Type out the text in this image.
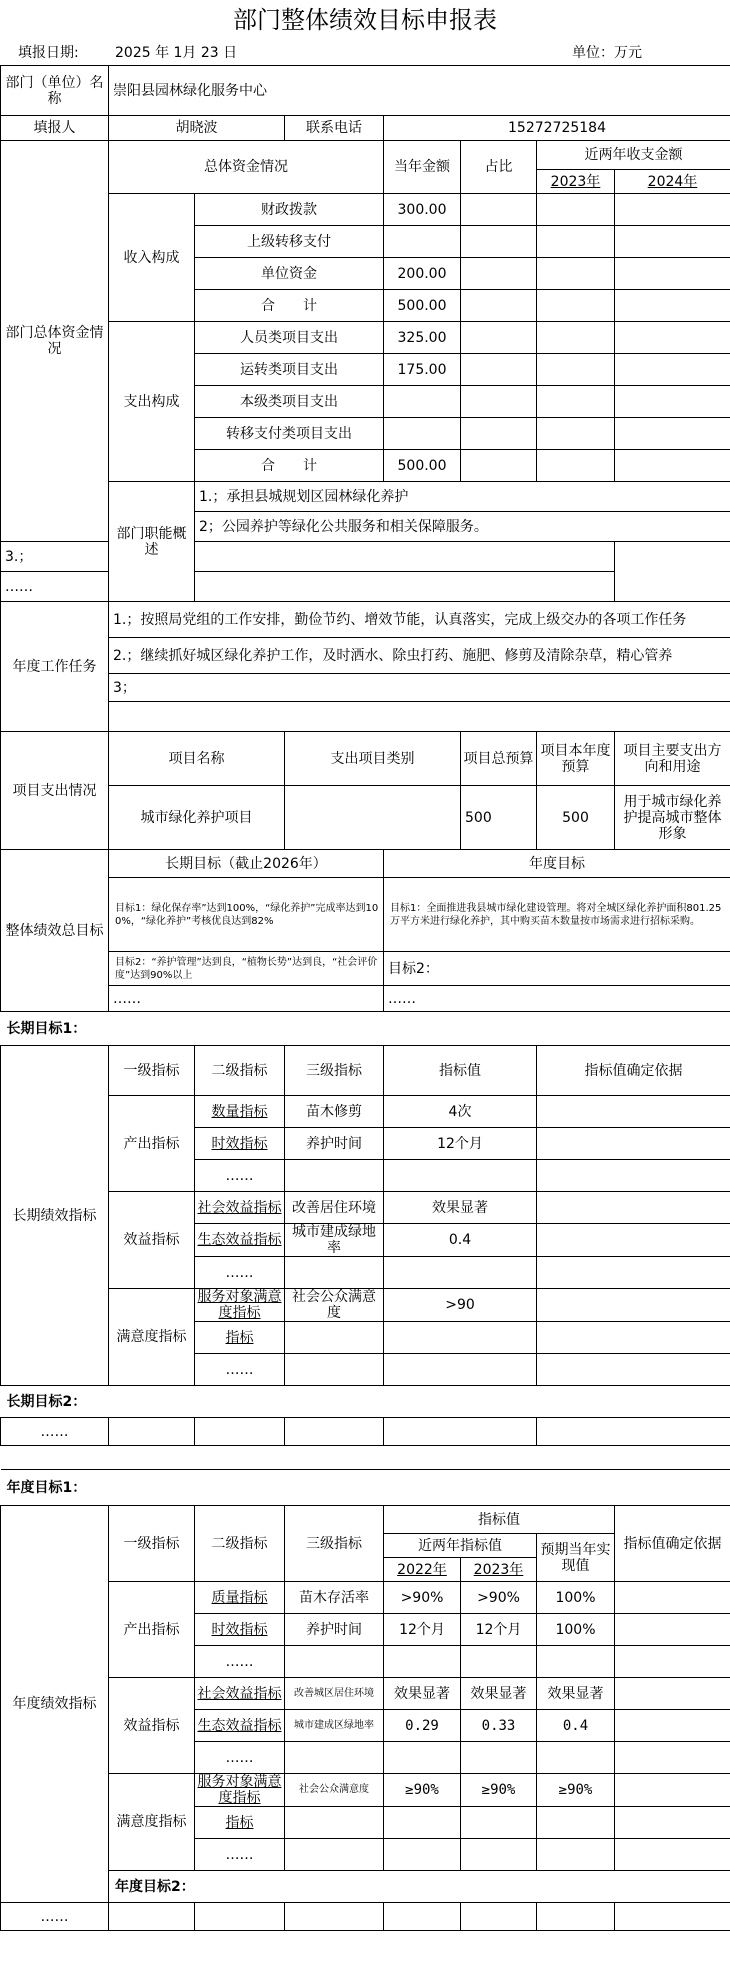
部门整体绩效目标申报表
填报日期:	2025 年 1月 23 日	单位：万元
部门（单位）名称	崇阳县园林绿化服务中心							
填报人	胡晓波		联系电话	15272725184				
部门总体资金情况	总体资金情况			当年金额	占比	近两年收支金额		
						2023年	2024年	
	收入构成	财政拨款		300.00				
		上级转移支付						
		单位资金		200.00				
		合　　计		500.00				
	支出构成	人员类项目支出		325.00				
		运转类项目支出		175.00				
		本级类项目支出						
		转移支付类项目支出						
		合　　计		500.00				
	部门职能概述	1.；承担县城规划区园林绿化养护						
		2；公园养护等绿化公共服务和相关保障服务。						
3.；								
……								
年度工作任务	1.；按照局党组的工作安排，勤俭节约、增效节能，认真落实，完成上级交办的各项工作任务							
	2.；继续抓好城区绿化养护工作，及时洒水、除虫打药、施肥、修剪及清除杂草，精心管养							
	3；							

项目支出情况	项目名称		支出项目类别		项目总预算	项目本年度预算	项目主要支出方向和用途	
	城市绿化养护项目				500	500	用于城市绿化养护提高城市整体形象	
整体绩效总目标	长期目标（截止2026年）			年度目标				
	目标1：绿化保存率”达到100%，“绿化养护”完成率达到100%，“绿化养护”考核优良达到82%			目标1：全面推进我县城市绿化建设管理。将对全城区绿化养护面积801.25万平方米进行绿化养护，其中购买苗木数量按市场需求进行招标采购。				
	目标2：“养护管理”达到良，“植物长势”达到良，“社会评价度”达到90%以上			目标2：				
	……			……				
长期目标1：								
长期绩效指标	一级指标	二级指标	三级指标	指标值		指标值确定依据		
	产出指标	数量指标	苗木修剪	4次				
		时效指标	养护时间	12个月				
		……						
	效益指标	社会效益指标	改善居住环境	效果显著				
		生态效益指标	城市建成绿地率	0.4				
		……						
	满意度指标	服务对象满意度指标	社会公众满意度	>90				
		指标						
		……						
长期目标2：								
……								

年度目标1：								
年度绩效指标	一级指标	二级指标	三级指标	指标值			指标值确定依据	
				近两年指标值		预期当年实现值		
				2022年	2023年			
	产出指标	质量指标	苗木存活率	>90%	>90%	100%		
		时效指标	养护时间	12个月	12个月	100%		
		……						
	效益指标	社会效益指标	改善城区居住环境	效果显著	效果显著	效果显著		
		生态效益指标	城市建成区绿地率	0.29	0.33	0.4		
		……						
	满意度指标	服务对象满意度指标	社会公众满意度	≥90%	≥90%	≥90%		
		指标						
		……						
	年度目标2：							
……								
